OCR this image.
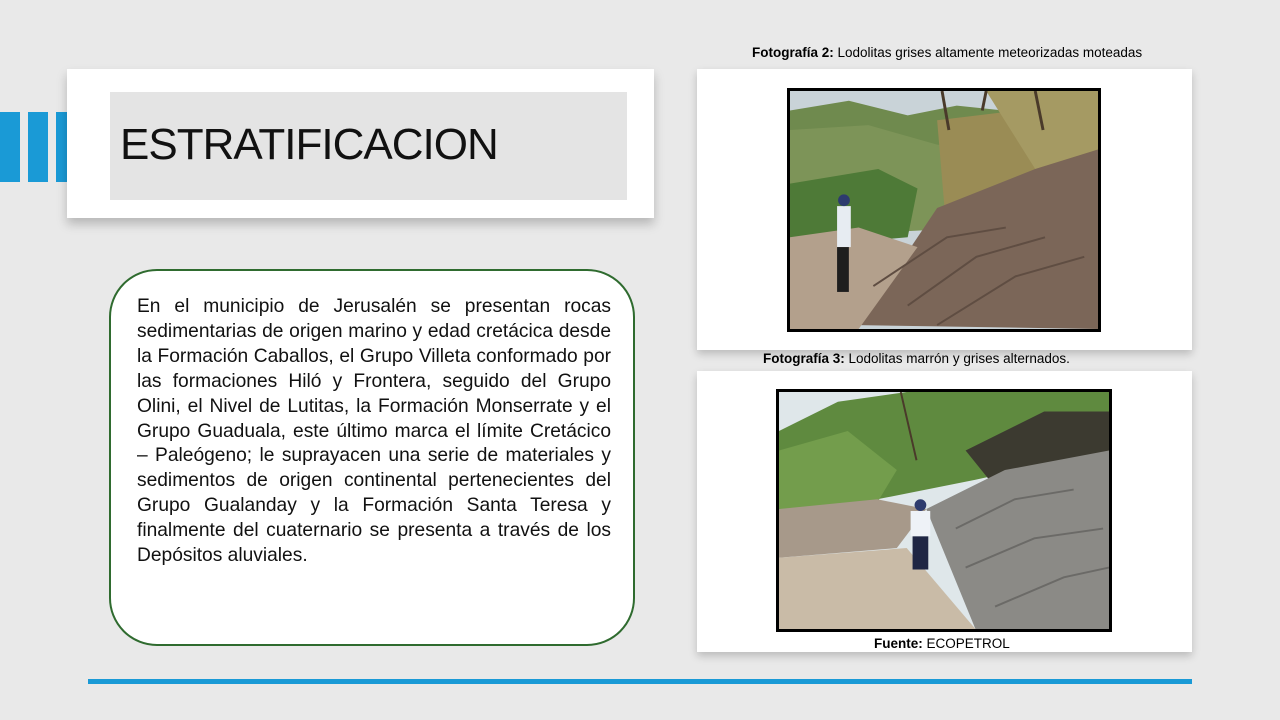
ESTRATIFICACION

En el municipio de Jerusalén se presentan rocas sedimentarias de origen marino y edad cretácica desde la Formación Caballos, el Grupo Villeta conformado por las formaciones Hiló y Frontera, seguido del Grupo Olini, el Nivel de Lutitas, la Formación Monserrate y el Grupo Guaduala, este último marca el límite Cretácico – Paleógeno; le suprayacen una serie de materiales y sedimentos de origen continental pertenecientes del Grupo Gualanday y la Formación Santa Teresa y finalmente del cuaternario se presenta a través de los Depósitos aluviales.

Fotografía 2: Lodolitas grises altamente meteorizadas moteadas

Fotografía 3: Lodolitas marrón y grises alternados.

Fuente: ECOPETROL
